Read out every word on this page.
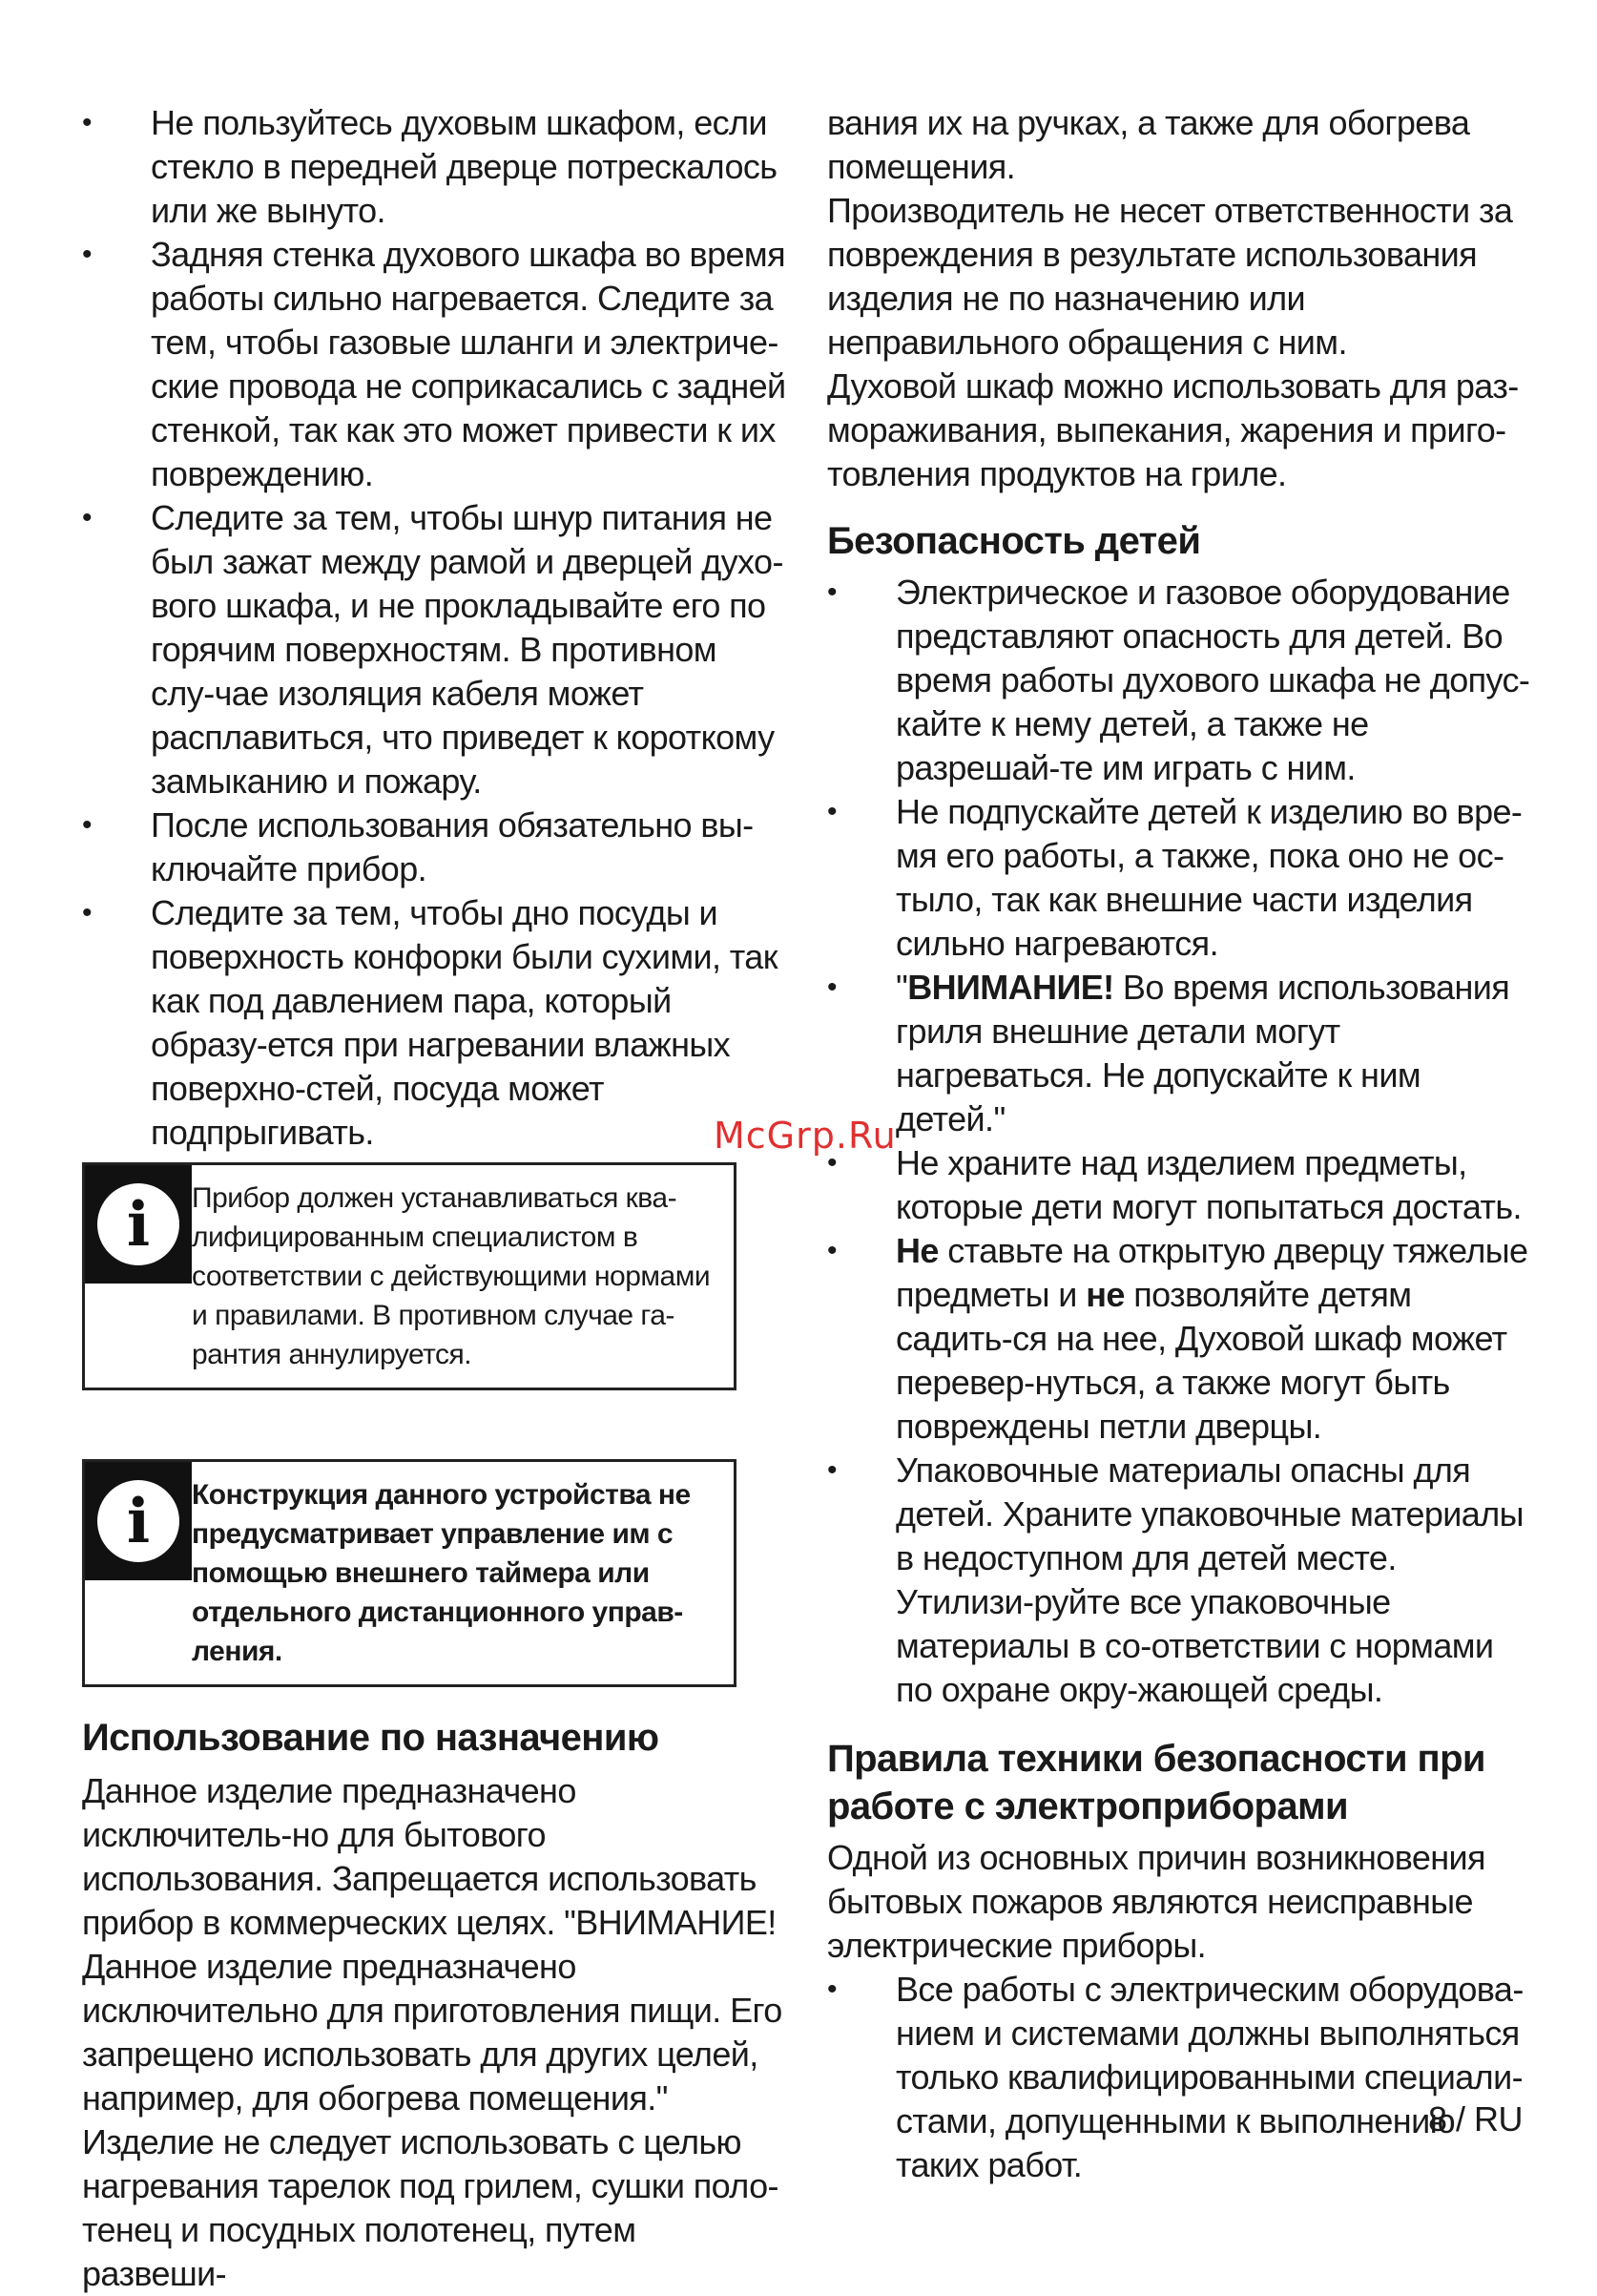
• Не пользуйтесь духовым шкафом, если стекло в передней дверце потрескалось или же вынуто.
• Задняя стенка духового шкафа во время работы сильно нагревается. Следите за тем, чтобы газовые шланги и электриче-ские провода не соприкасались с задней стенкой, так как это может привести к их повреждению.
• Следите за тем, чтобы шнур питания не был зажат между рамой и дверцей духо-вого шкафа, и не прокладывайте его по горячим поверхностям. В противном слу-чае изоляция кабеля может расплавиться, что приведет к короткому замыканию и пожару.
• После использования обязательно вы-ключайте прибор.
• Следите за тем, чтобы дно посуды и поверхность конфорки были сухими, так как под давлением пара, который образу-ется при нагревании влажных поверхно-стей, посуда может подпрыгивать.
i	Прибор должен устанавливаться ква-лифицированным специалистом в соответствии с действующими нормами и правилами. В противном случае га-рантия аннулируется.
i	Конструкция данного устройства не предусматривает управление им с помощью внешнего таймера или отдельного дистанционного управ-ления.
Использование по назначению

Данное изделие предназначено исключитель-но для бытового использования. Запрещается использовать прибор в коммерческих целях. "ВНИМАНИЕ! Данное изделие предназначено исключительно для приготовления пищи. Его запрещено использовать для других целей, например, для обогрева помещения." Изделие не следует использовать с целью нагревания тарелок под грилем, сушки поло-тенец и посудных полотенец, путем развеши-

вания их на ручках, а также для обогрева помещения.

Производитель не несет ответственности за повреждения в результате использования изделия не по назначению или неправильного обращения с ним.

Духовой шкаф можно использовать для раз-мораживания, выпекания, жарения и приго-товления продуктов на гриле.

Безопасность детей
• Электрическое и газовое оборудование представляют опасность для детей. Во время работы духового шкафа не допус-кайте к нему детей, а также не разрешай-те им играть с ним.
• Не подпускайте детей к изделию во вре-мя его работы, а также, пока оно не ос-тыло, так как внешние части изделия сильно нагреваются.
• "ВНИМАНИЕ! Во время использования гриля внешние детали могут нагреваться. Не допускайте к ним детей."
• Не храните над изделием предметы, которые дети могут попытаться достать.
• Не ставьте на открытую дверцу тяжелые предметы и не позволяйте детям садить-ся на нее, Духовой шкаф может перевер-нуться, а также могут быть повреждены петли дверцы.
• Упаковочные материалы опасны для детей. Храните упаковочные материалы в недоступном для детей месте. Утилизи-руйте все упаковочные материалы в со-ответствии с нормами по охране окру-жающей среды.
Правила техники безопасности при работе с электроприборами

Одной из основных причин возникновения бытовых пожаров являются неисправные электрические приборы.

• Все работы с электрическим оборудова-нием и системами должны выполняться только квалифицированными специали-стами, допущенными к выполнению таких работ.
McGrp.Ru
8 / RU
